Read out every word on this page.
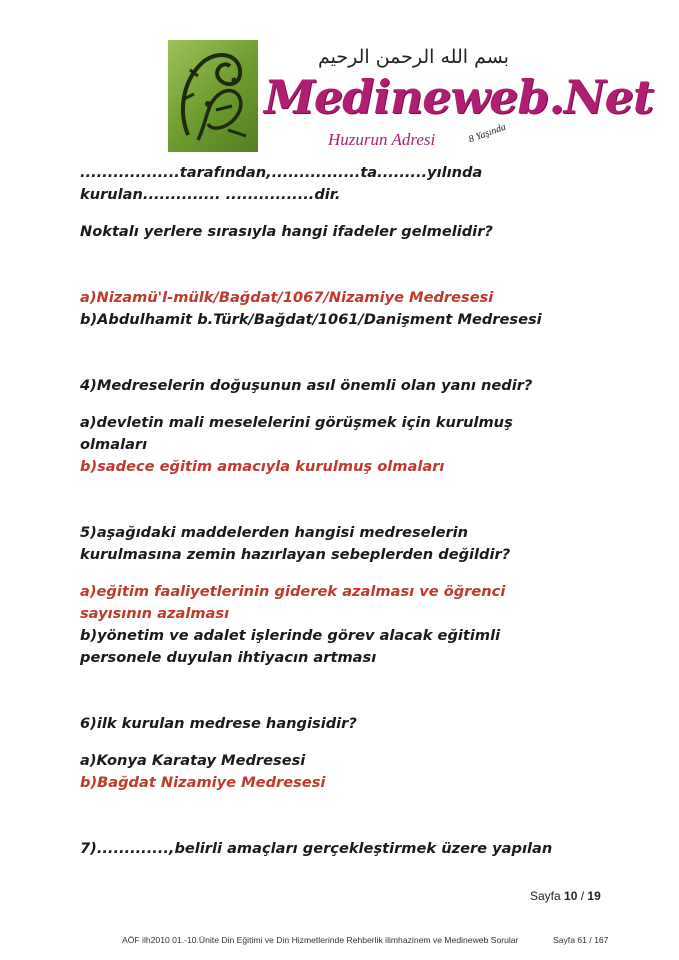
بسم الله الرحمن الرحيم
Medineweb.Net
Huzurun Adresi	8 Yaşında

..................tarafından,................ta.........yılında

kurulan.............. ................dir.

Noktalı yerlere sırasıyla hangi ifadeler gelmelidir?

a)Nizamü'l-mülk/Bağdat/1067/Nizamiye Medresesi

b)Abdulhamit b.Türk/Bağdat/1061/Danişment Medresesi

4)Medreselerin doğuşunun asıl önemli olan yanı nedir?

a)devletin mali meselelerini görüşmek için kurulmuş

olmaları

b)sadece eğitim amacıyla kurulmuş olmaları

5)aşağıdaki maddelerden hangisi medreselerin

kurulmasına zemin hazırlayan sebeplerden değildir?

a)eğitim faaliyetlerinin giderek azalması ve öğrenci

sayısının azalması

b)yönetim ve adalet işlerinde görev alacak eğitimli

personele duyulan ihtiyacın artması

6)ilk kurulan medrese hangisidir?

a)Konya Karatay Medresesi

b)Bağdat Nizamiye Medresesi

7).............,belirli amaçları gerçekleştirmek üzere yapılan

Sayfa 10 / 19
AÖF ilh2010 01.-10.Ünite Din Eğitimi ve Din Hizmetlerinde Rehberlik ilimhazinem ve Medineweb Sorular	Sayfa 61 / 167
